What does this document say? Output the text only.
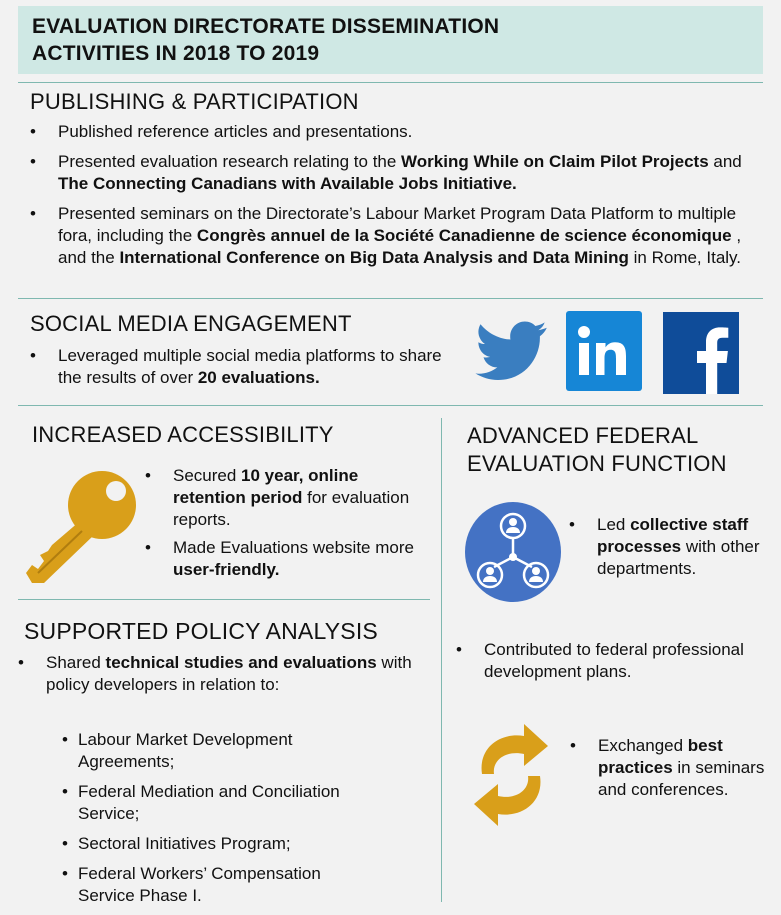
EVALUATION DIRECTORATE DISSEMINATION
ACTIVITIES IN 2018 TO 2019
PUBLISHING & PARTICIPATION
• Published reference articles and presentations.
• Presented evaluation research relating to the Working While on Claim Pilot Projects and The Connecting Canadians with Available Jobs Initiative.
• Presented seminars on the Directorate’s Labour Market Program Data Platform to multiple fora, including the Congrès annuel de la Société Canadienne de science économique , and the International Conference on Big Data Analysis and Data Mining in Rome, Italy.
SOCIAL MEDIA ENGAGEMENT
• Leveraged multiple social media platforms to share the results of over 20 evaluations.
INCREASED ACCESSIBILITY
• Secured 10 year, online retention period for evaluation reports.
• Made Evaluations website more user-friendly.
SUPPORTED POLICY ANALYSIS
• Shared technical studies and evaluations with policy developers in relation to:
• Labour Market Development Agreements;
• Federal Mediation and Conciliation Service;
• Sectoral Initiatives Program;
• Federal Workers’ Compensation Service Phase I.
ADVANCED FEDERAL
EVALUATION FUNCTION
• Led collective staff processes with other departments.
• Contributed to federal professional development plans.
• Exchanged best practices in seminars and conferences.
